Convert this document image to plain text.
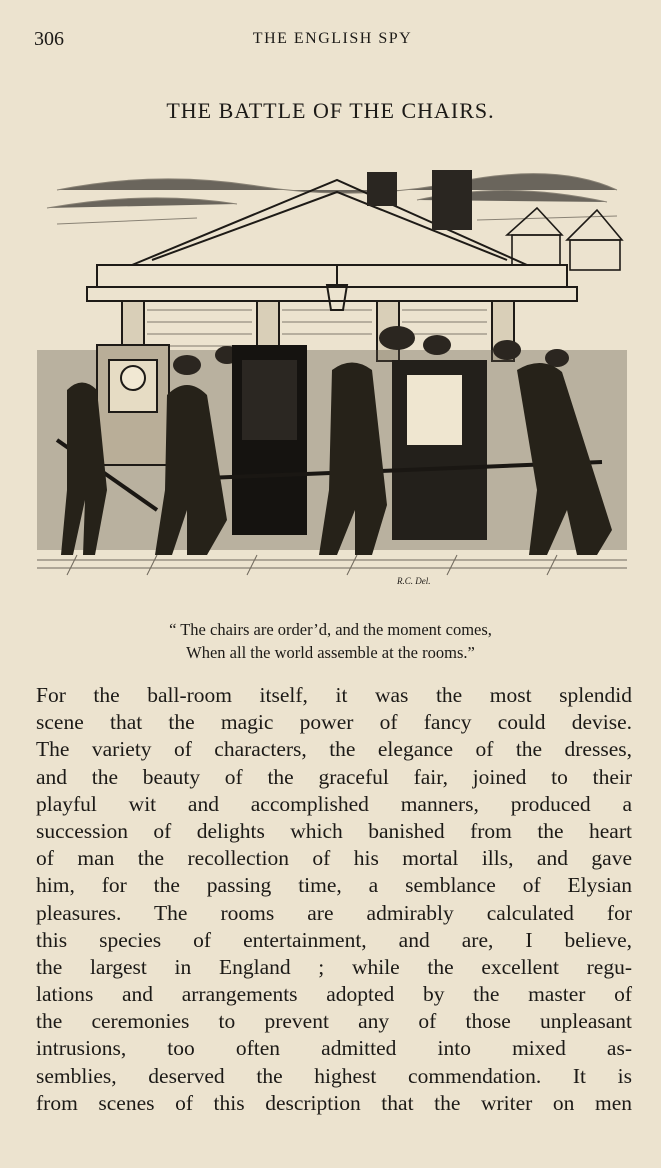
306	THE ENGLISH SPY
THE BATTLE OF THE CHAIRS.
R.C. Del.
“ The chairs are order’d, and the moment comes,
When all the world assemble at the rooms.”
For the ball-room itself, it was the most splendid
scene that the magic power of fancy could devise.
The variety of characters, the elegance of the dresses,
and the beauty of the graceful fair, joined to their
playful wit and accomplished manners, produced a
succession of delights which banished from the heart
of man the recollection of his mortal ills, and gave
him, for the passing time, a semblance of Elysian
pleasures. The rooms are admirably calculated for
this species of entertainment, and are, I believe,
the largest in England ; while the excellent regu-
lations and arrangements adopted by the master of
the ceremonies to prevent any of those unpleasant
intrusions, too often admitted into mixed as-
semblies, deserved the highest commendation. It is
from scenes of this description that the writer on men
